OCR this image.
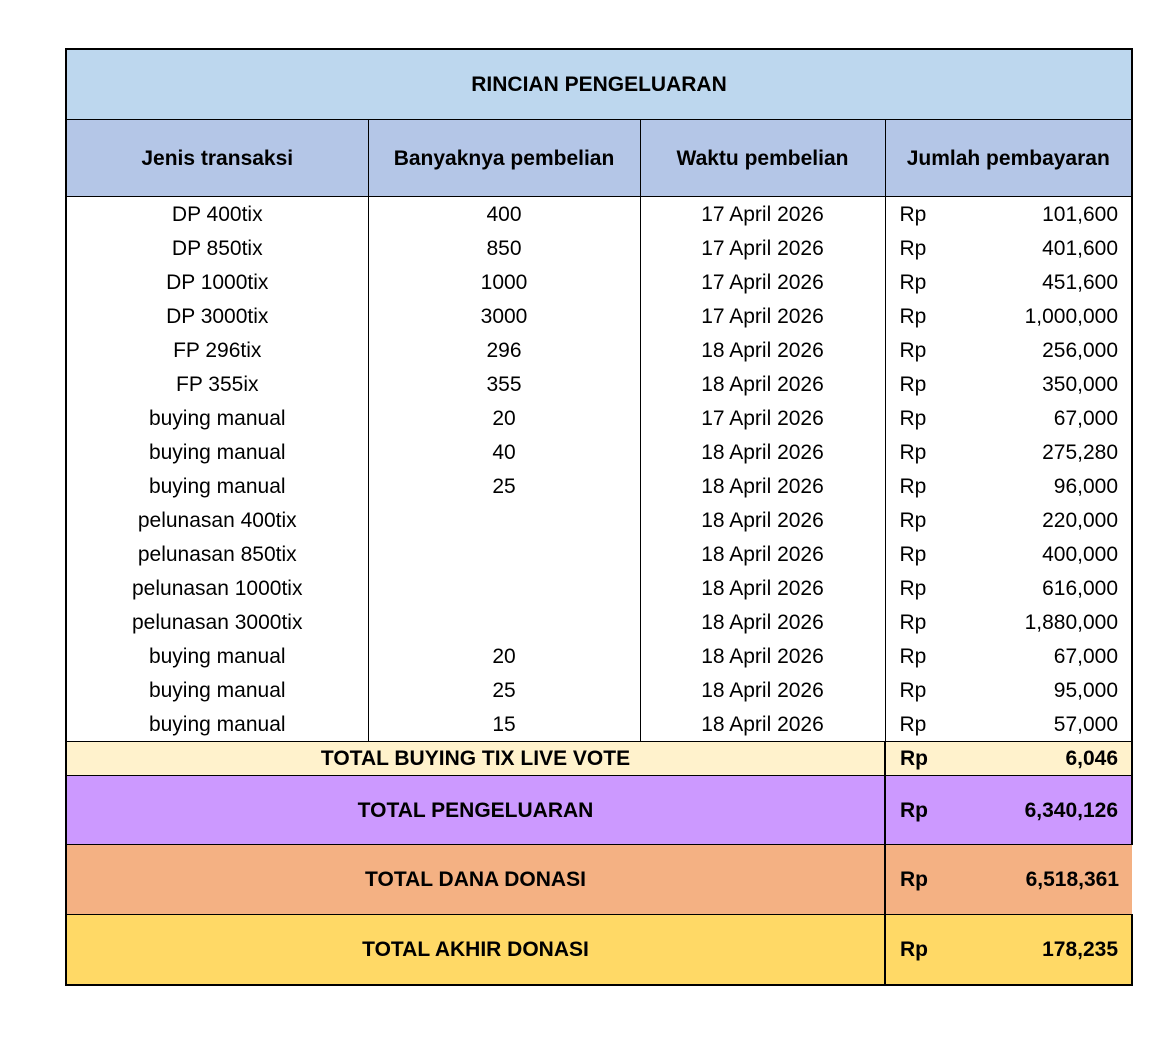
RINCIAN PENGELUARAN			
Jenis transaksi	Banyaknya pembelian	Waktu pembelian	Jumlah pembayaran
DP 400tix	400	17 April 2026	Rp 101,600

DP 850tix	850	17 April 2026	Rp 401,600

DP 1000tix	1000	17 April 2026	Rp 451,600

DP 3000tix	3000	17 April 2026	Rp 1,000,000

FP 296tix	296	18 April 2026	Rp 256,000

FP 355ix	355	18 April 2026	Rp 350,000

buying manual	20	17 April 2026	Rp 67,000

buying manual	40	18 April 2026	Rp 275,280

buying manual	25	18 April 2026	Rp 96,000

pelunasan 400tix		18 April 2026	Rp 220,000

pelunasan 850tix		18 April 2026	Rp 400,000

pelunasan 1000tix		18 April 2026	Rp 616,000

pelunasan 3000tix		18 April 2026	Rp 1,880,000

buying manual	20	18 April 2026	Rp 67,000

buying manual	25	18 April 2026	Rp 95,000

buying manual	15	18 April 2026	Rp 57,000

TOTAL BUYING TIX LIVE VOTE			Rp 6,046

TOTAL PENGELUARAN			Rp 6,340,126

TOTAL DANA DONASI			Rp 6,518,361

TOTAL AKHIR DONASI			Rp 178,235
